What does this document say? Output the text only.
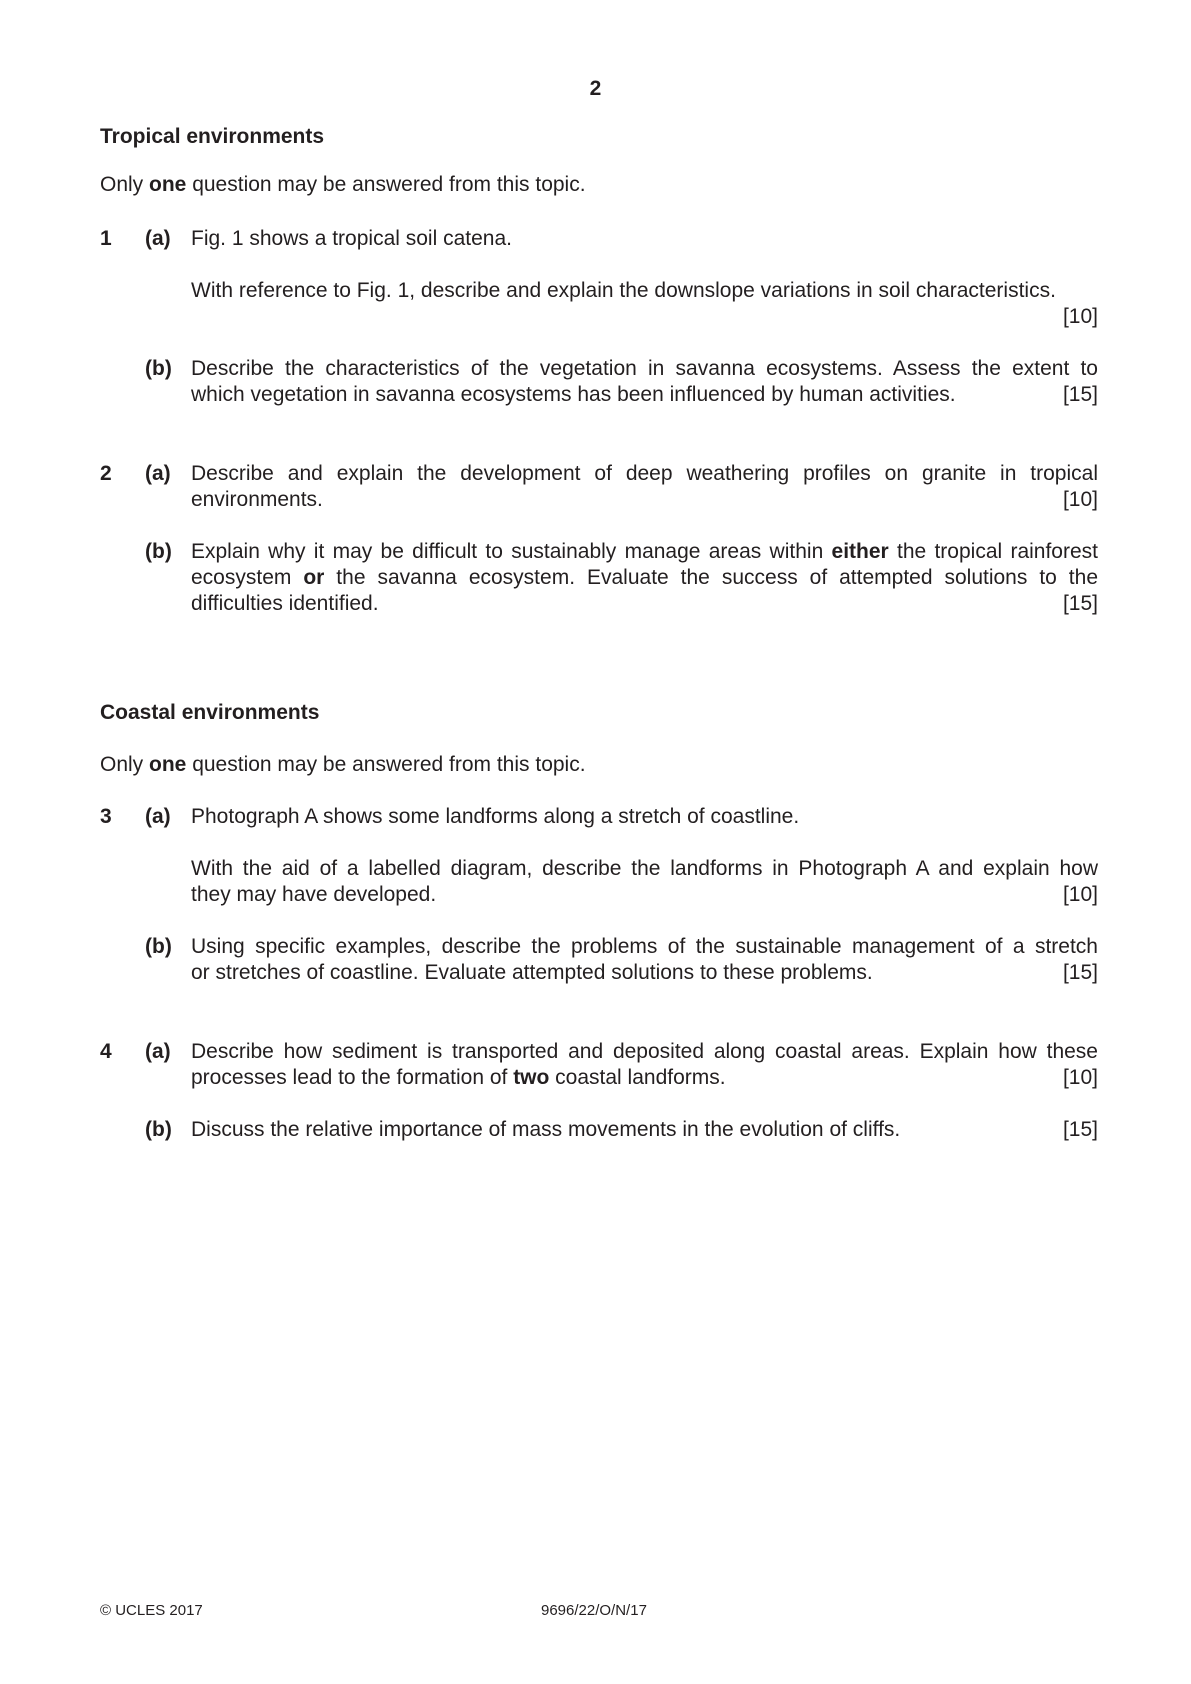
2
Tropical environments
Only one question may be answered from this topic.
1 (a) Fig. 1 shows a tropical soil catena.
With reference to Fig. 1, describe and explain the downslope variations in soil characteristics.
[10]
(b) Describe the characteristics of the vegetation in savanna ecosystems. Assess the extent to
which vegetation in savanna ecosystems has been influenced by human activities.	[15]
2 (a) Describe and explain the development of deep weathering profiles on granite in tropical
environments.	[10]
(b) Explain why it may be difficult to sustainably manage areas within either the tropical rainforest
ecosystem or the savanna ecosystem. Evaluate the success of attempted solutions to the
difficulties identified.	[15]
Coastal environments
Only one question may be answered from this topic.
3 (a) Photograph A shows some landforms along a stretch of coastline.
With the aid of a labelled diagram, describe the landforms in Photograph A and explain how
they may have developed.	[10]
(b) Using specific examples, describe the problems of the sustainable management of a stretch
or stretches of coastline. Evaluate attempted solutions to these problems.	[15]
4 (a) Describe how sediment is transported and deposited along coastal areas. Explain how these
processes lead to the formation of two coastal landforms.	[10]
(b) Discuss the relative importance of mass movements in the evolution of cliffs.	[15]
© UCLES 2017	9696/22/O/N/17
